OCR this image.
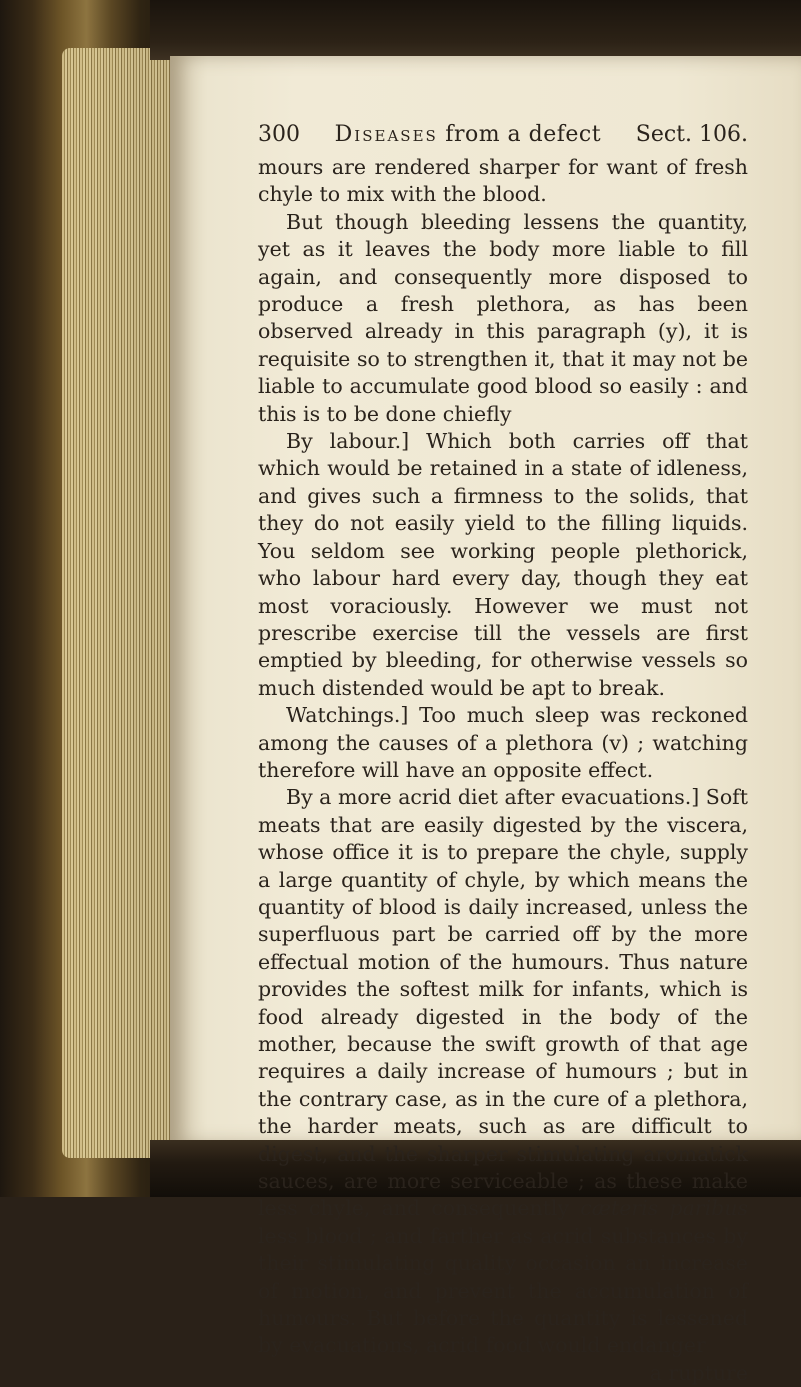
300 Diseases from a defect Sect. 106.

mours are rendered sharper for want of fresh chyle to mix with the blood.

But though bleeding lessens the quantity, yet as it leaves the body more liable to fill again, and consequently more disposed to produce a fresh plethora, as has been observed already in this paragraph (y), it is requisite so to strengthen it, that it may not be liable to accumulate good blood so easily : and this is to be done chiefly

By labour.] Which both carries off that which would be retained in a state of idleness, and gives such a firmness to the solids, that they do not easily yield to the filling liquids. You seldom see working people plethorick, who labour hard every day, though they eat most voraciously. However we must not prescribe exercise till the vessels are first emptied by bleeding, for otherwise vessels so much distended would be apt to break.

Watchings.] Too much sleep was reckoned among the causes of a plethora (v) ; watching therefore will have an opposite effect.

By a more acrid diet after evacuations.] Soft meats that are easily digested by the viscera, whose office it is to prepare the chyle, supply a large quantity of chyle, by which means the quantity of blood is daily increased, unless the superfluous part be carried off by the more effectual motion of the humours. Thus nature provides the softest milk for infants, which is food already digested in the body of the mother, because the swift growth of that age requires a daily increase of humours ; but in the contrary case, as in the cure of a plethora, the harder meats, such as are difficult to digest, and the sharper stimulating aromatick sauces, are more serviceable ; as these make less chyle, and consequently cæteris paribus less blood ; and farther as acrid substances by their stimulating quality occasion an increase of motion, and prevent the accumulation of humours. But before the quantity is lessened by evacuations, acrid food would endanger

a rupture
